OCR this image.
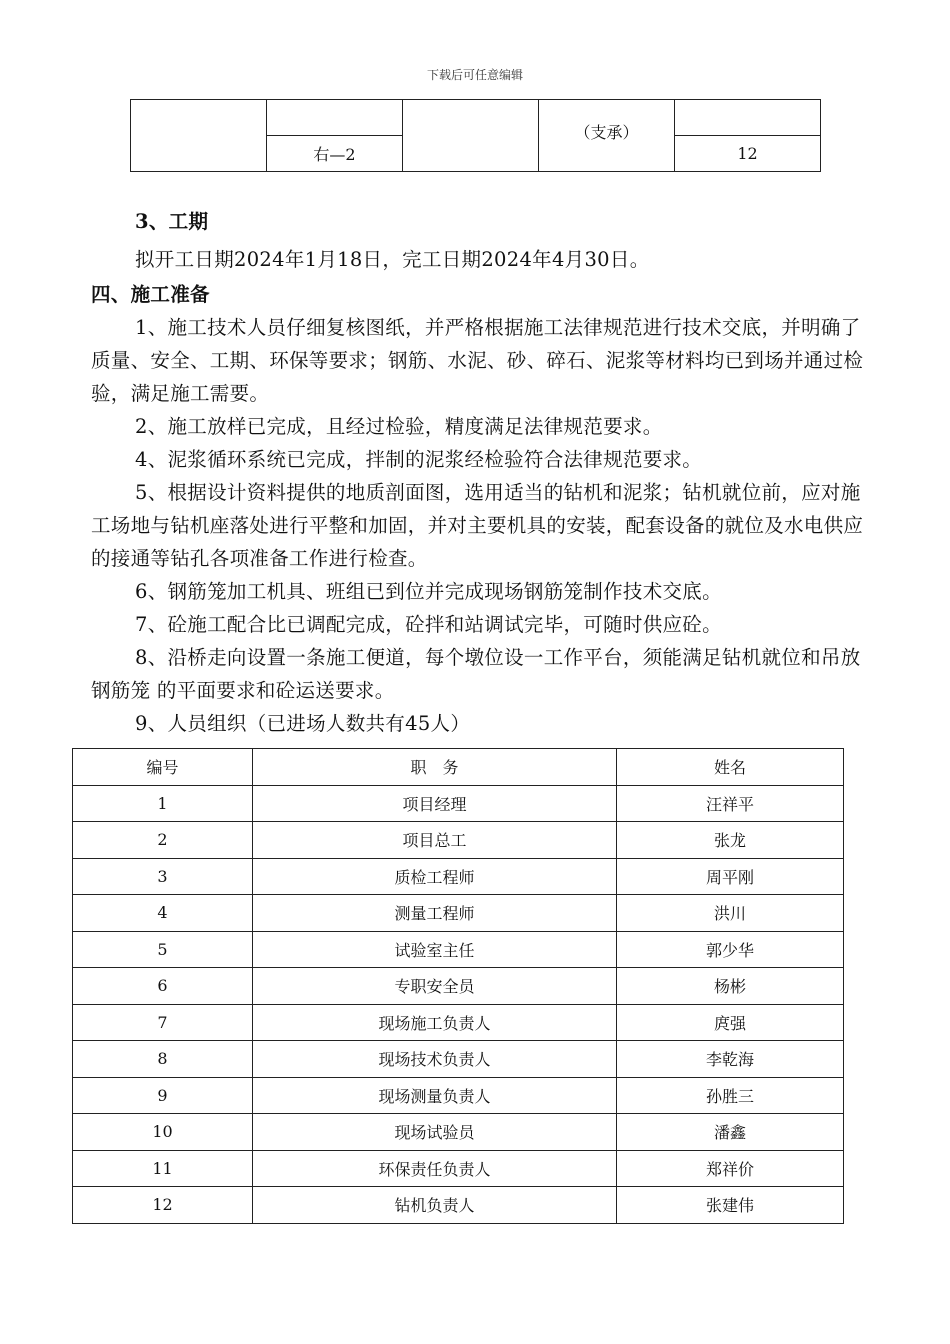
下载后可任意编辑
			（支承）	
	右—2			12
3、工期
拟开工日期2024年1月18日，完工日期2024年4月30日。
四、施工准备

1、施工技术人员仔细复核图纸，并严格根据施工法律规范进行技术交底，并明确了质量、安全、工期、环保等要求；钢筋、水泥、砂、碎石、泥浆等材料均已到场并通过检验，满足施工需要。

2、施工放样已完成，且经过检验，精度满足法律规范要求。

4、泥浆循环系统已完成，拌制的泥浆经检验符合法律规范要求。

5、根据设计资料提供的地质剖面图，选用适当的钻机和泥浆；钻机就位前，应对施工场地与钻机座落处进行平整和加固，并对主要机具的安装，配套设备的就位及水电供应的接通等钻孔各项准备工作进行检查。

6、钢筋笼加工机具、班组已到位并完成现场钢筋笼制作技术交底。

7、砼施工配合比已调配完成，砼拌和站调试完毕，可随时供应砼。

8、沿桥走向设置一条施工便道，每个墩位设一工作平台，须能满足钻机就位和吊放钢筋笼 的平面要求和砼运送要求。

9、人员组织（已进场人数共有45人）

编号	职　务	姓名
1	项目经理	汪祥平
2	项目总工	张龙
3	质检工程师	周平刚
4	测量工程师	洪川
5	试验室主任	郭少华
6	专职安全员	杨彬
7	现场施工负责人	庹强
8	现场技术负责人	李乾海
9	现场测量负责人	孙胜三
10	现场试验员	潘鑫
11	环保责任负责人	郑祥价
12	钻机负责人	张建伟
